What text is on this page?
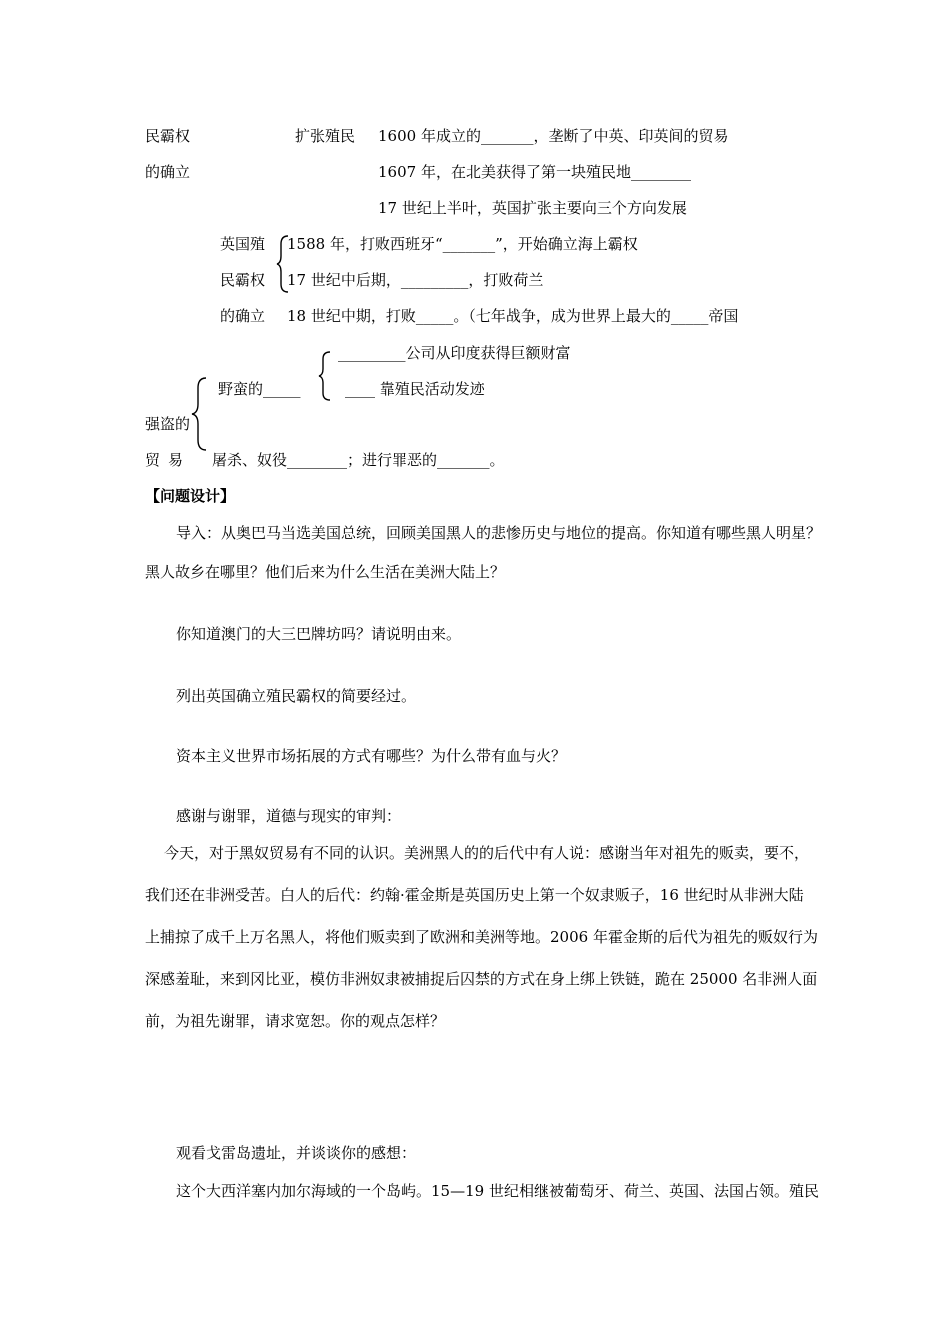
民霸权
的确立
扩张殖民 1600 年成立的_______，垄断了中英、印英间的贸易
1607 年，在北美获得了第一块殖民地________
17 世纪上半叶，英国扩张主要向三个方向发展
英国殖
民霸权
的确立
1588 年，打败西班牙“_______”，开始确立海上霸权
17 世纪中后期，_________，打败荷兰
18 世纪中期，打败_____。（七年战争，成为世界上最大的_____帝国
_________公司从印度获得巨额财富
____ 靠殖民活动发迹
野蛮的_____
强盗的
贸易 屠杀、奴役________；进行罪恶的_______。
【问题设计】
导入：从奥巴马当选美国总统，回顾美国黑人的悲惨历史与地位的提高。你知道有哪些黑人明星？
黑人故乡在哪里？他们后来为什么生活在美洲大陆上？
你知道澳门的大三巴牌坊吗？请说明由来。
列出英国确立殖民霸权的简要经过。
资本主义世界市场拓展的方式有哪些？为什么带有血与火？
感谢与谢罪，道德与现实的审判：
今天，对于黑奴贸易有不同的认识。美洲黑人的的后代中有人说：感谢当年对祖先的贩卖，要不，
我们还在非洲受苦。白人的后代：约翰·霍金斯是英国历史上第一个奴隶贩子，16 世纪时从非洲大陆
上捕掠了成千上万名黑人，将他们贩卖到了欧洲和美洲等地。2006 年霍金斯的后代为祖先的贩奴行为
深感羞耻，来到冈比亚，模仿非洲奴隶被捕捉后囚禁的方式在身上绑上铁链，跪在 25000 名非洲人面
前，为祖先谢罪，请求宽恕。你的观点怎样？
观看戈雷岛遗址，并谈谈你的感想：
这个大西洋塞内加尔海域的一个岛屿。15—19 世纪相继被葡萄牙、荷兰、英国、法国占领。殖民
